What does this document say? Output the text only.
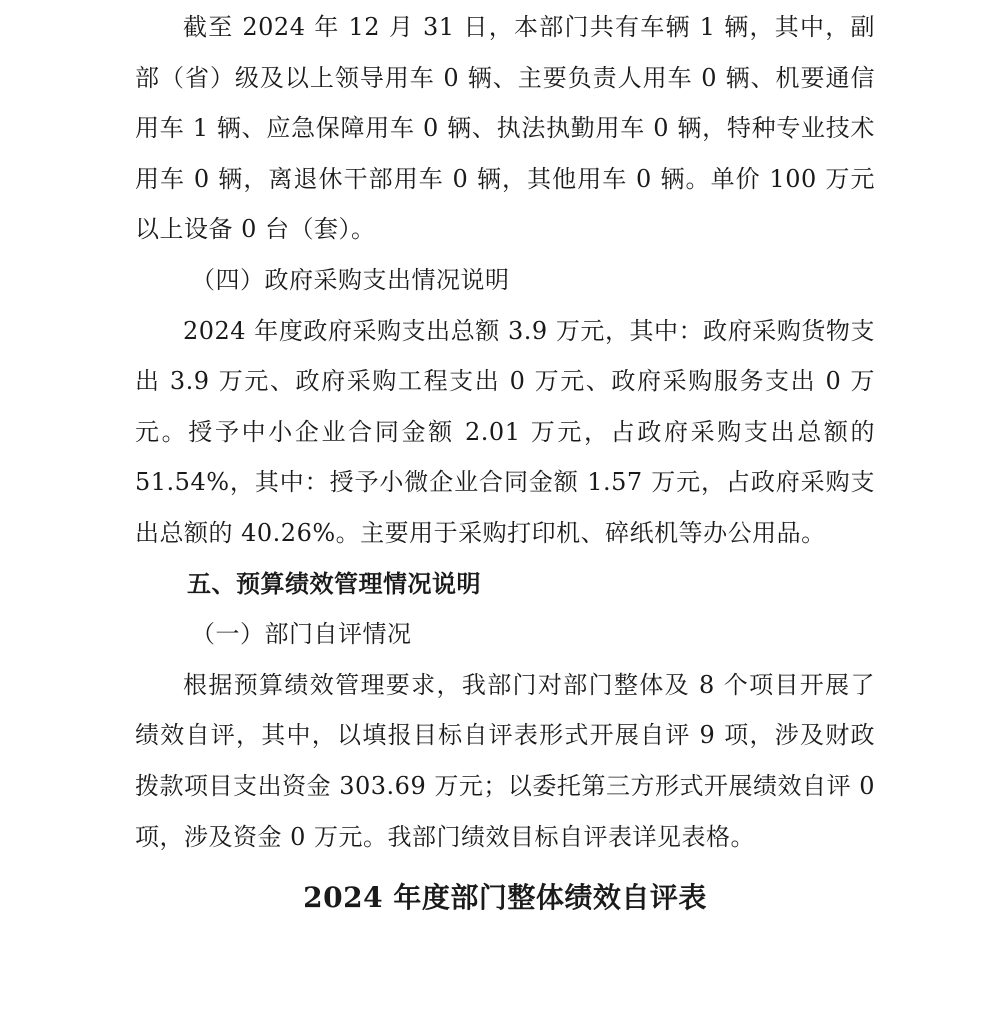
截至 2024 年 12 月 31 日，本部门共有车辆 1 辆，其中，副部（省）级及以上领导用车 0 辆、主要负责人用车 0 辆、机要通信用车 1 辆、应急保障用车 0 辆、执法执勤用车 0 辆，特种专业技术用车 0 辆，离退休干部用车 0 辆，其他用车 0 辆。单价 100 万元以上设备 0 台（套）。

（四）政府采购支出情况说明

2024 年度政府采购支出总额 3.9 万元，其中：政府采购货物支出 3.9 万元、政府采购工程支出 0 万元、政府采购服务支出 0 万元。授予中小企业合同金额 2.01 万元，占政府采购支出总额的 51.54%，其中：授予小微企业合同金额 1.57 万元，占政府采购支出总额的 40.26%。主要用于采购打印机、碎纸机等办公用品。

五、预算绩效管理情况说明

（一）部门自评情况

根据预算绩效管理要求，我部门对部门整体及 8 个项目开展了绩效自评，其中，以填报目标自评表形式开展自评 9 项，涉及财政拨款项目支出资金 303.69 万元；以委托第三方形式开展绩效自评 0 项，涉及资金 0 万元。我部门绩效目标自评表详见表格。

2024 年度部门整体绩效自评表
